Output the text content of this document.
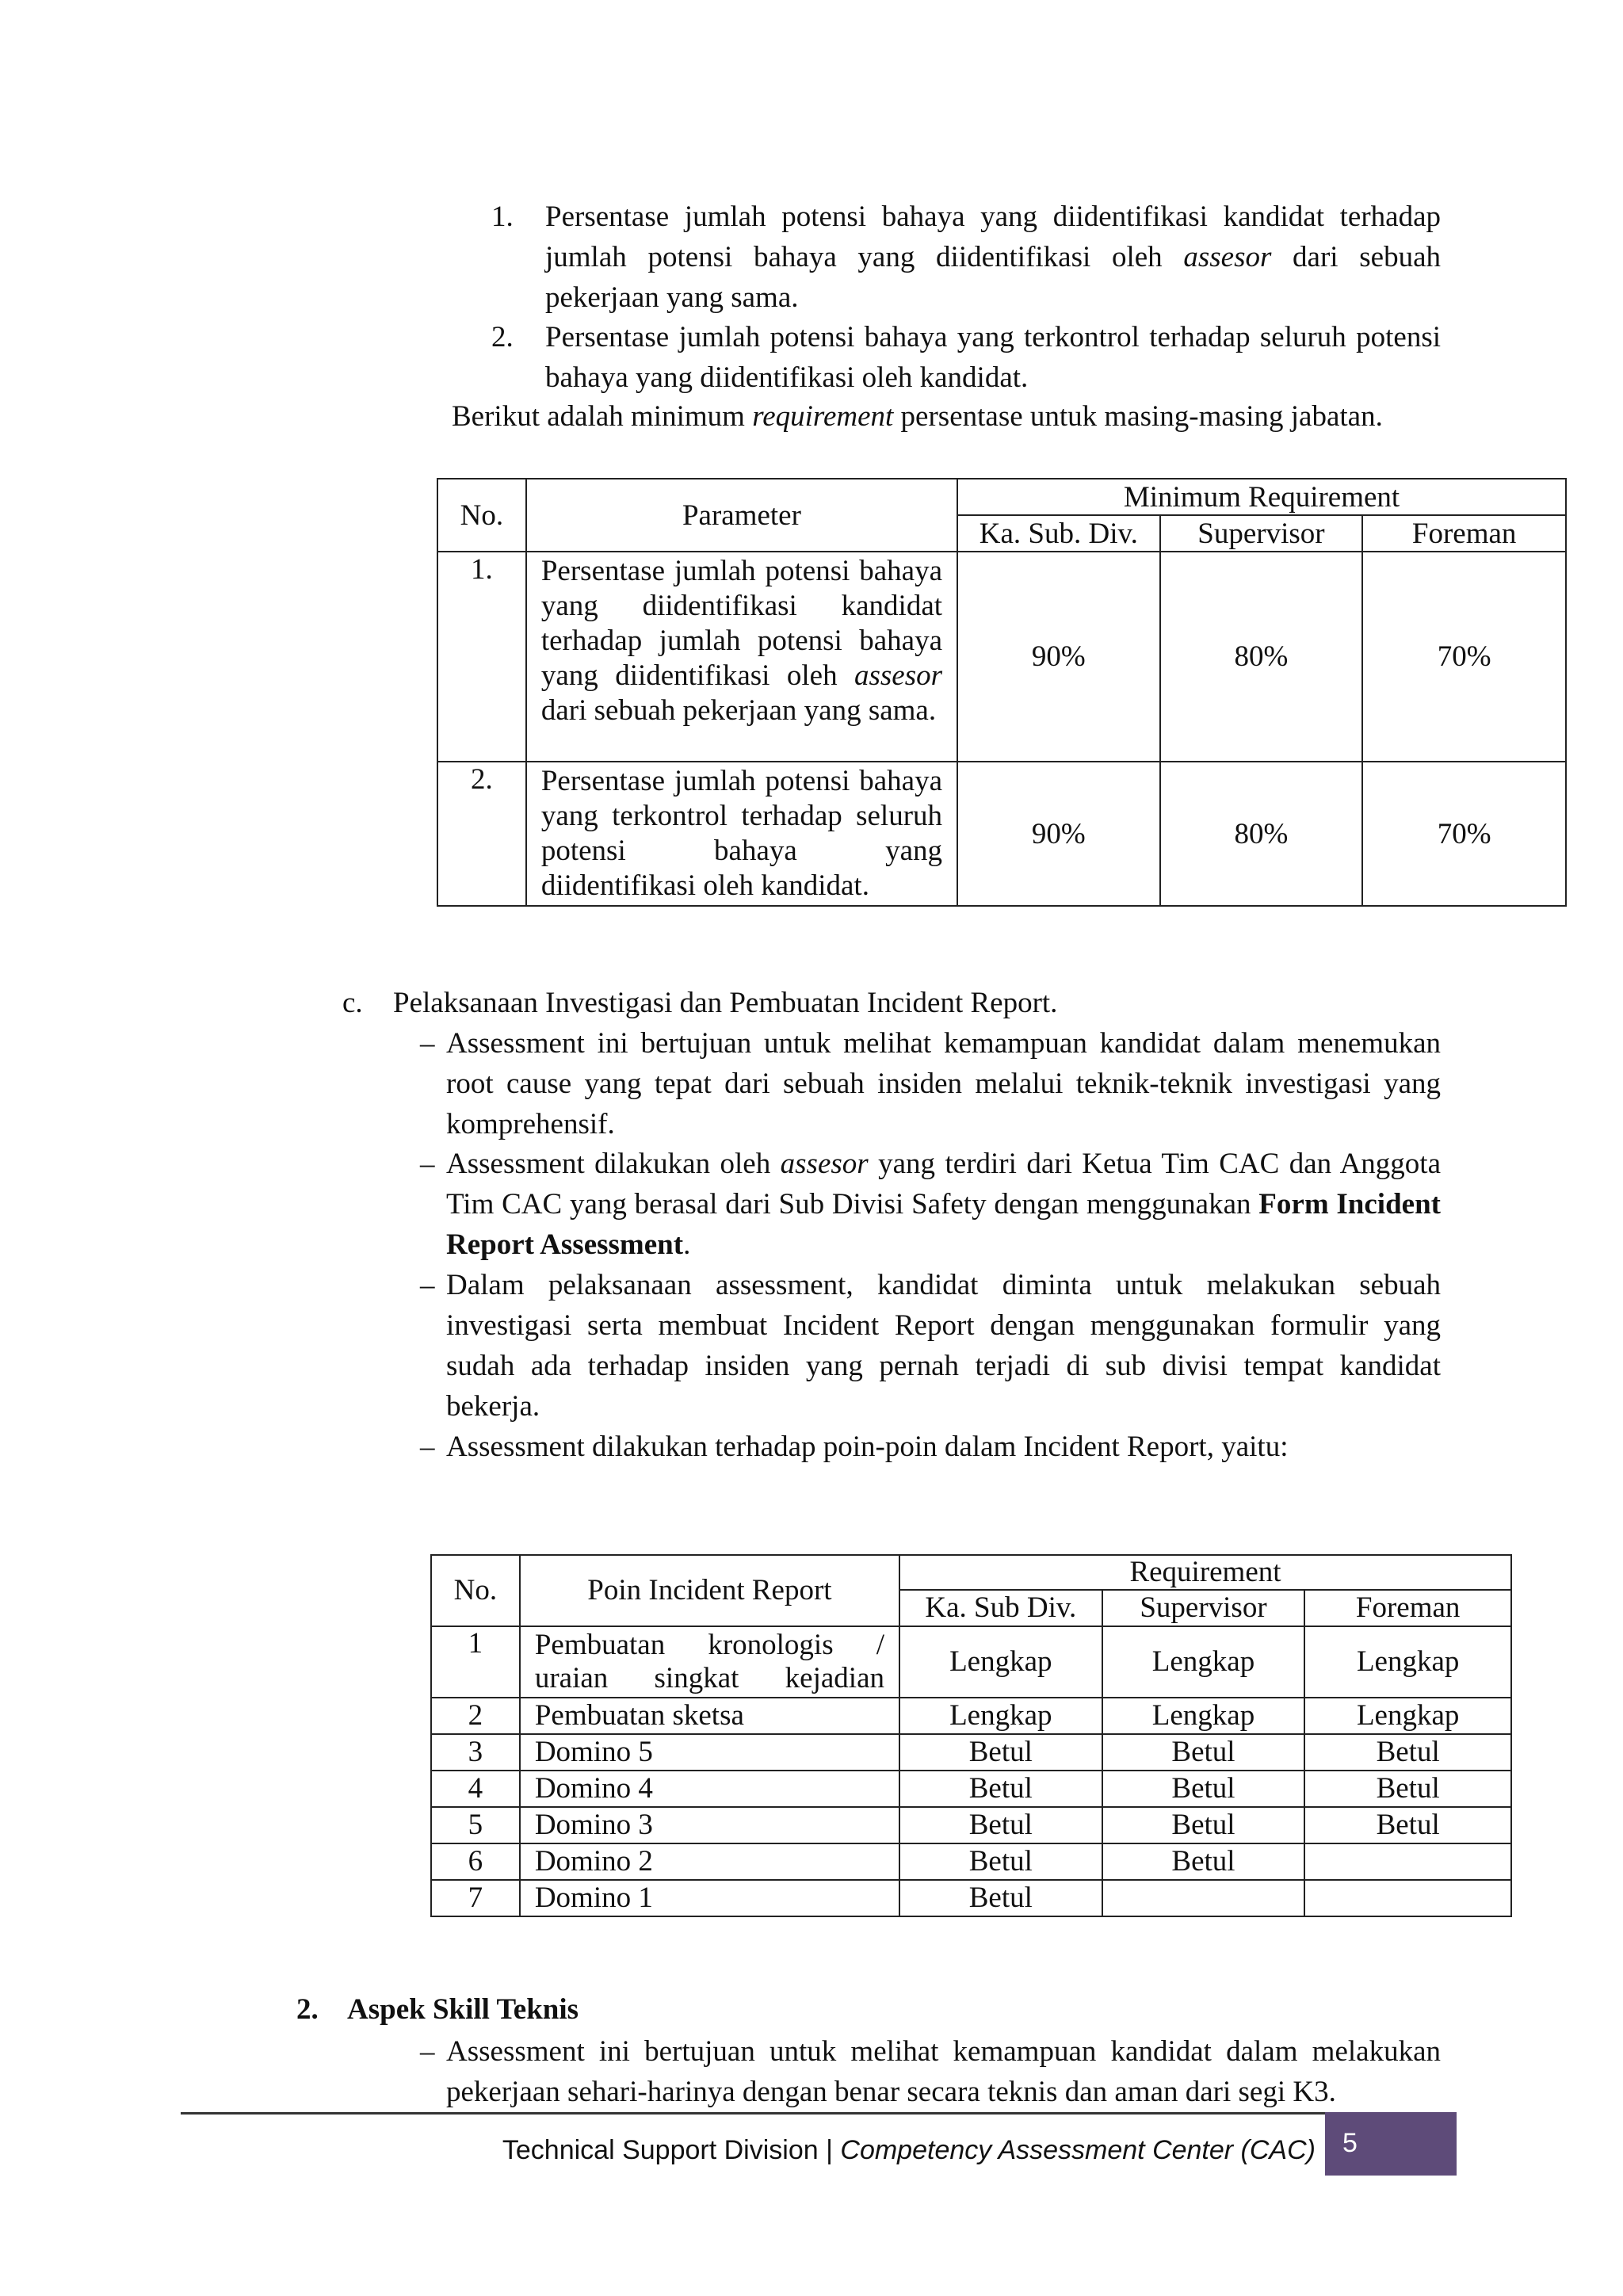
1. Persentase jumlah potensi bahaya yang diidentifikasi kandidat terhadap jumlah potensi bahaya yang diidentifikasi oleh assesor dari sebuah pekerjaan yang sama.
2. Persentase jumlah potensi bahaya yang terkontrol terhadap seluruh potensi bahaya yang diidentifikasi oleh kandidat.
Berikut adalah minimum requirement persentase untuk masing-masing jabatan.
No.	Parameter	Minimum Requirement		
		Ka. Sub. Div.	Supervisor	Foreman
1.	Persentase jumlah potensi bahaya yang diidentifikasi kandidat terhadap jumlah potensi bahaya yang diidentifikasi oleh assesor dari sebuah pekerjaan yang sama.	90%	80%	70%
2.	Persentase jumlah potensi bahaya yang terkontrol terhadap seluruh potensi bahaya yang diidentifikasi oleh kandidat.	90%	80%	70%
c. Pelaksanaan Investigasi dan Pembuatan Incident Report.
– Assessment ini bertujuan untuk melihat kemampuan kandidat dalam menemukan root cause yang tepat dari sebuah insiden melalui teknik-teknik investigasi yang komprehensif.
– Assessment dilakukan oleh assesor yang terdiri dari Ketua Tim CAC dan Anggota Tim CAC yang berasal dari Sub Divisi Safety dengan menggunakan Form Incident Report Assessment.
– Dalam pelaksanaan assessment, kandidat diminta untuk melakukan sebuah investigasi serta membuat Incident Report dengan menggunakan formulir yang sudah ada terhadap insiden yang pernah terjadi di sub divisi tempat kandidat bekerja.
– Assessment dilakukan terhadap poin-poin dalam Incident Report, yaitu:
No.	Poin Incident Report	Requirement		
		Ka. Sub Div.	Supervisor	Foreman
1	Pembuatan kronologis / uraian singkat kejadian	Lengkap	Lengkap	Lengkap
2	Pembuatan sketsa	Lengkap	Lengkap	Lengkap
3	Domino 5	Betul	Betul	Betul
4	Domino 4	Betul	Betul	Betul
5	Domino 3	Betul	Betul	Betul
6	Domino 2	Betul	Betul	
7	Domino 1	Betul		
2. Aspek Skill Teknis
– Assessment ini bertujuan untuk melihat kemampuan kandidat dalam melakukan pekerjaan sehari-harinya dengan benar secara teknis dan aman dari segi K3.
Technical Support Division | Competency Assessment Center (CAC)	5
